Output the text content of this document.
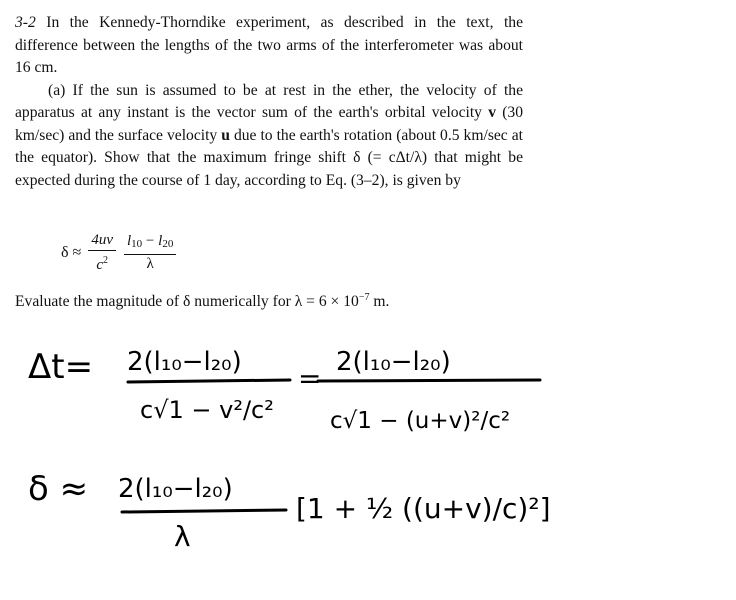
3-2 In the Kennedy-Thorndike experiment, as described in the text, the difference between the lengths of the two arms of the interferometer was about 16 cm.

(a) If the sun is assumed to be at rest in the ether, the velocity of the apparatus at any instant is the vector sum of the earth's orbital velocity v (30 km/sec) and the surface velocity u due to the earth's rotation (about 0.5 km/sec at the equator). Show that the maximum fringe shift δ (= cΔt/λ) that might be expected during the course of 1 day, according to Eq. (3–2), is given by

$\delta \approx \frac{4uv}{c^2} \frac{l10 - l20}{\lambda}$
Evaluate the magnitude of δ numerically for $\lambda = 6 \times 10^{-7}$ m.
Δt= 2(l₁₀−l₂₀)
c√1 − v²/c²
= 2(l₁₀−l₂₀)
c√1 − (u+v)²/c²
δ ≈ 2(l₁₀−l₂₀)
λ
[1 + ½ ((u+v)/c)²]
